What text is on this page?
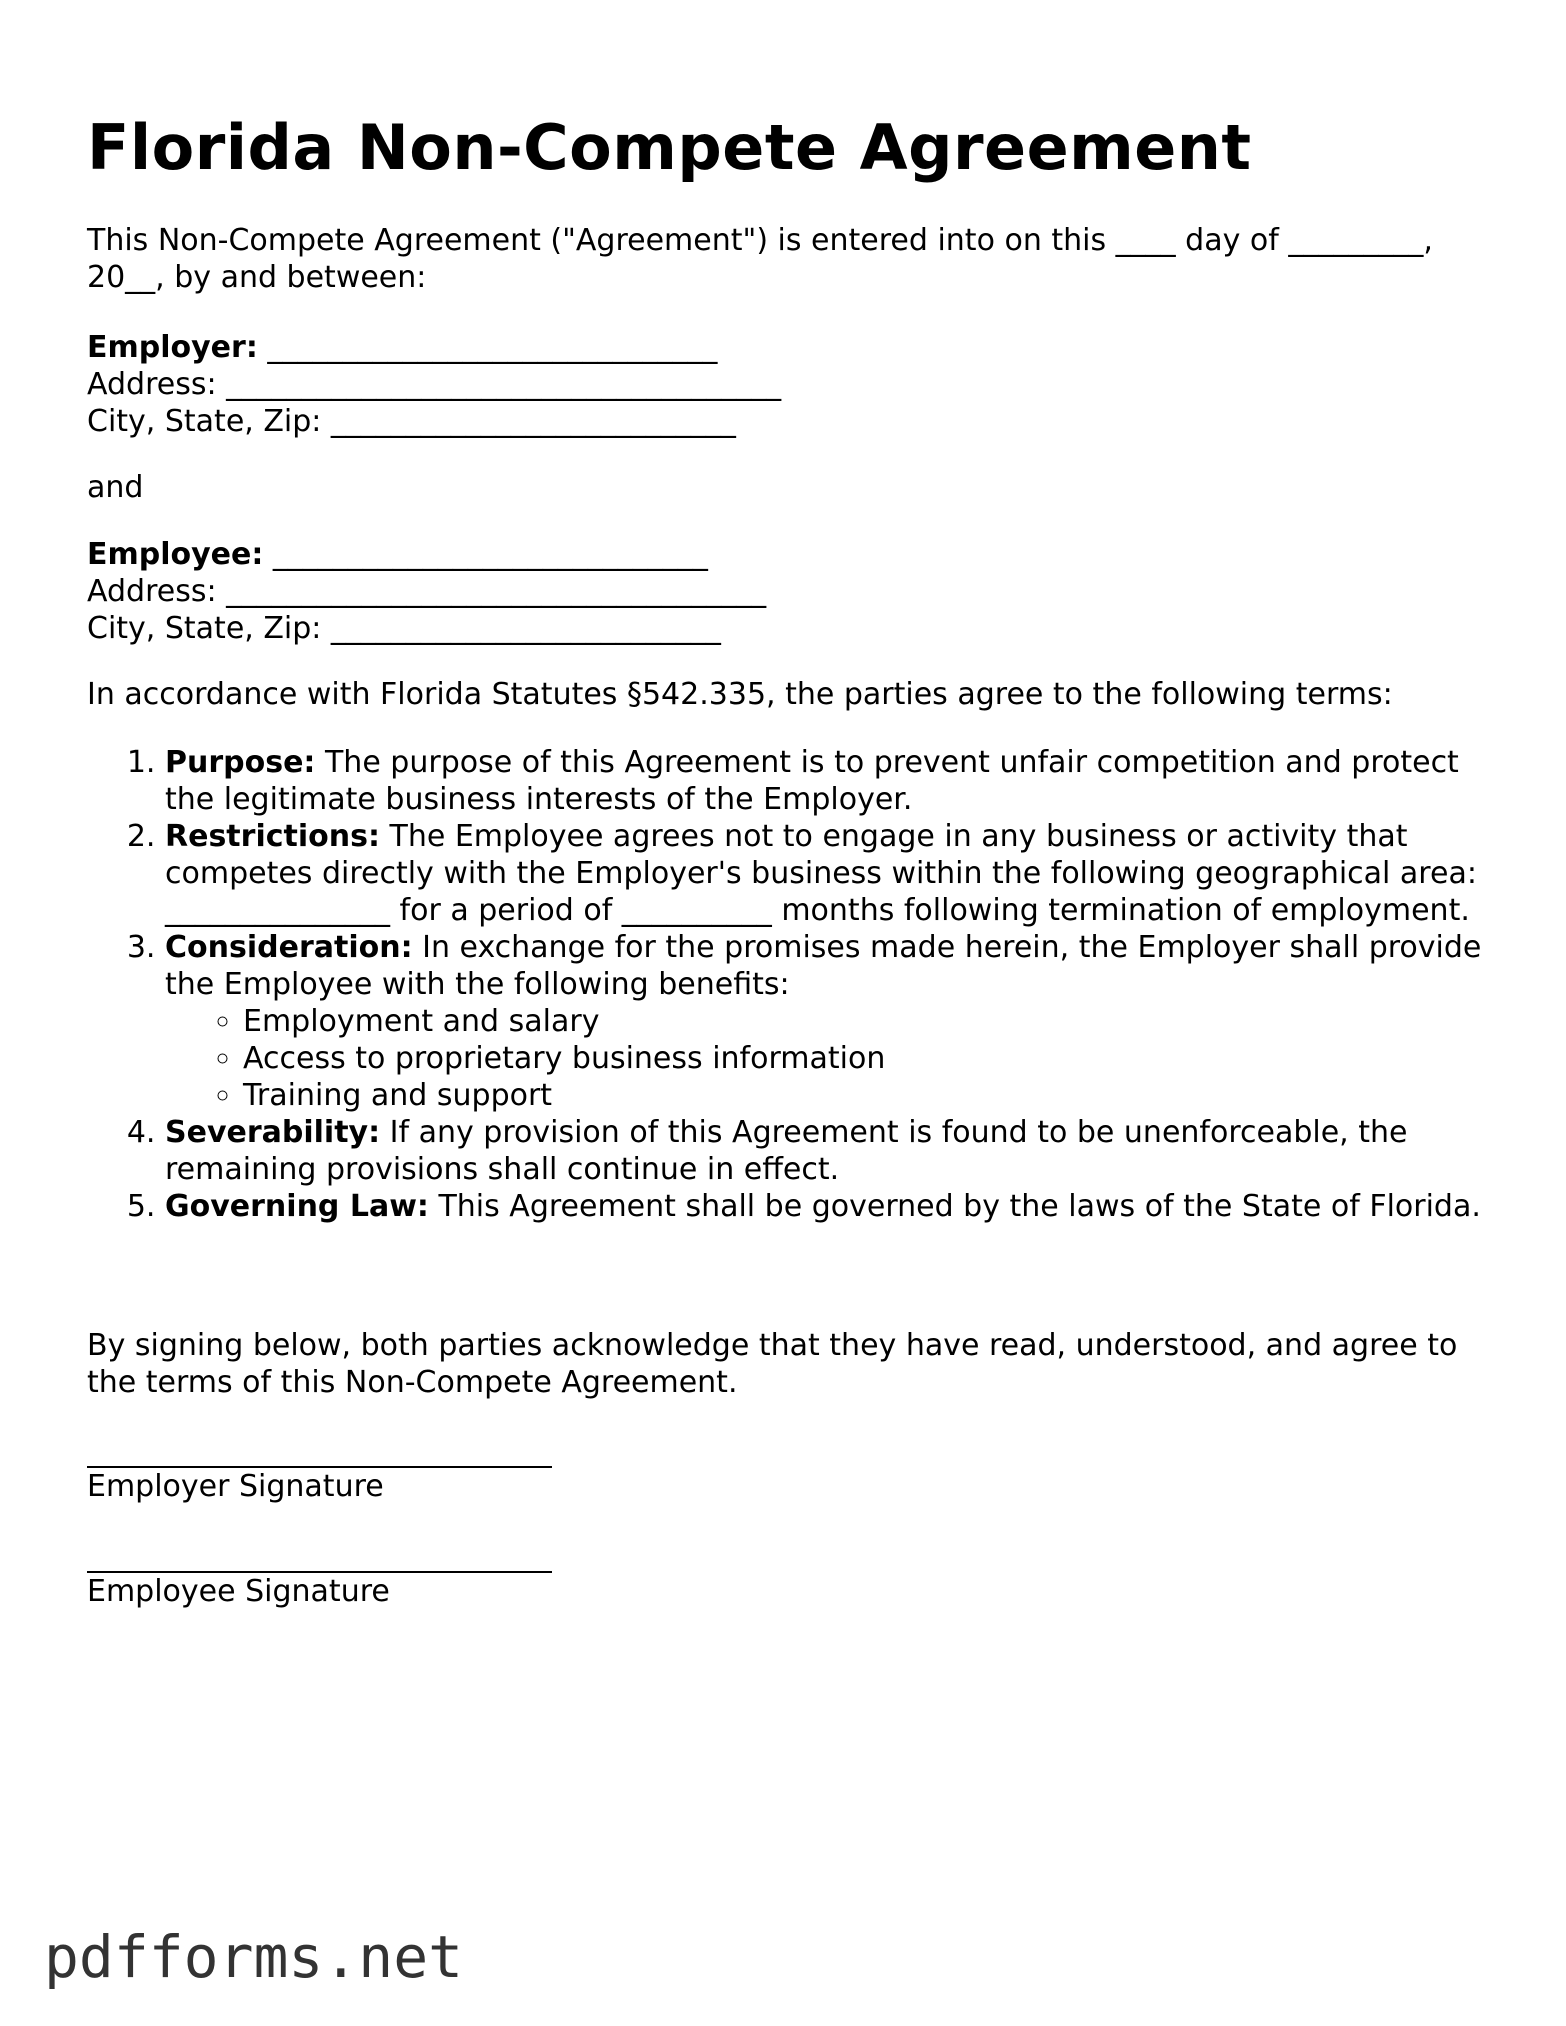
Florida Non-Compete Agreement
This Non-Compete Agreement ("Agreement") is entered into on this ____ day of _________,
20__, by and between:
Employer: ______________________________
Address: _____________________________________
City, State, Zip: ___________________________
and
Employee: _____________________________
Address: ____________________________________
City, State, Zip: __________________________
In accordance with Florida Statutes §542.335, the parties agree to the following terms:
1. Purpose: The purpose of this Agreement is to prevent unfair competition and protect the legitimate business interests of the Employer.
2. Restrictions: The Employee agrees not to engage in any business or activity that competes directly with the Employer's business within the following geographical area: _______________ for a period of __________ months following termination of employment.
3. Consideration: In exchange for the promises made herein, the Employer shall provide the Employee with the following benefits:
◦ Employment and salary
◦ Access to proprietary business information
◦ Training and support
4. Severability: If any provision of this Agreement is found to be unenforceable, the remaining provisions shall continue in effect.
5. Governing Law: This Agreement shall be governed by the laws of the State of Florida.
By signing below, both parties acknowledge that they have read, understood, and agree to the terms of this Non-Compete Agreement.
Employer Signature
Employee Signature
pdfforms.net
